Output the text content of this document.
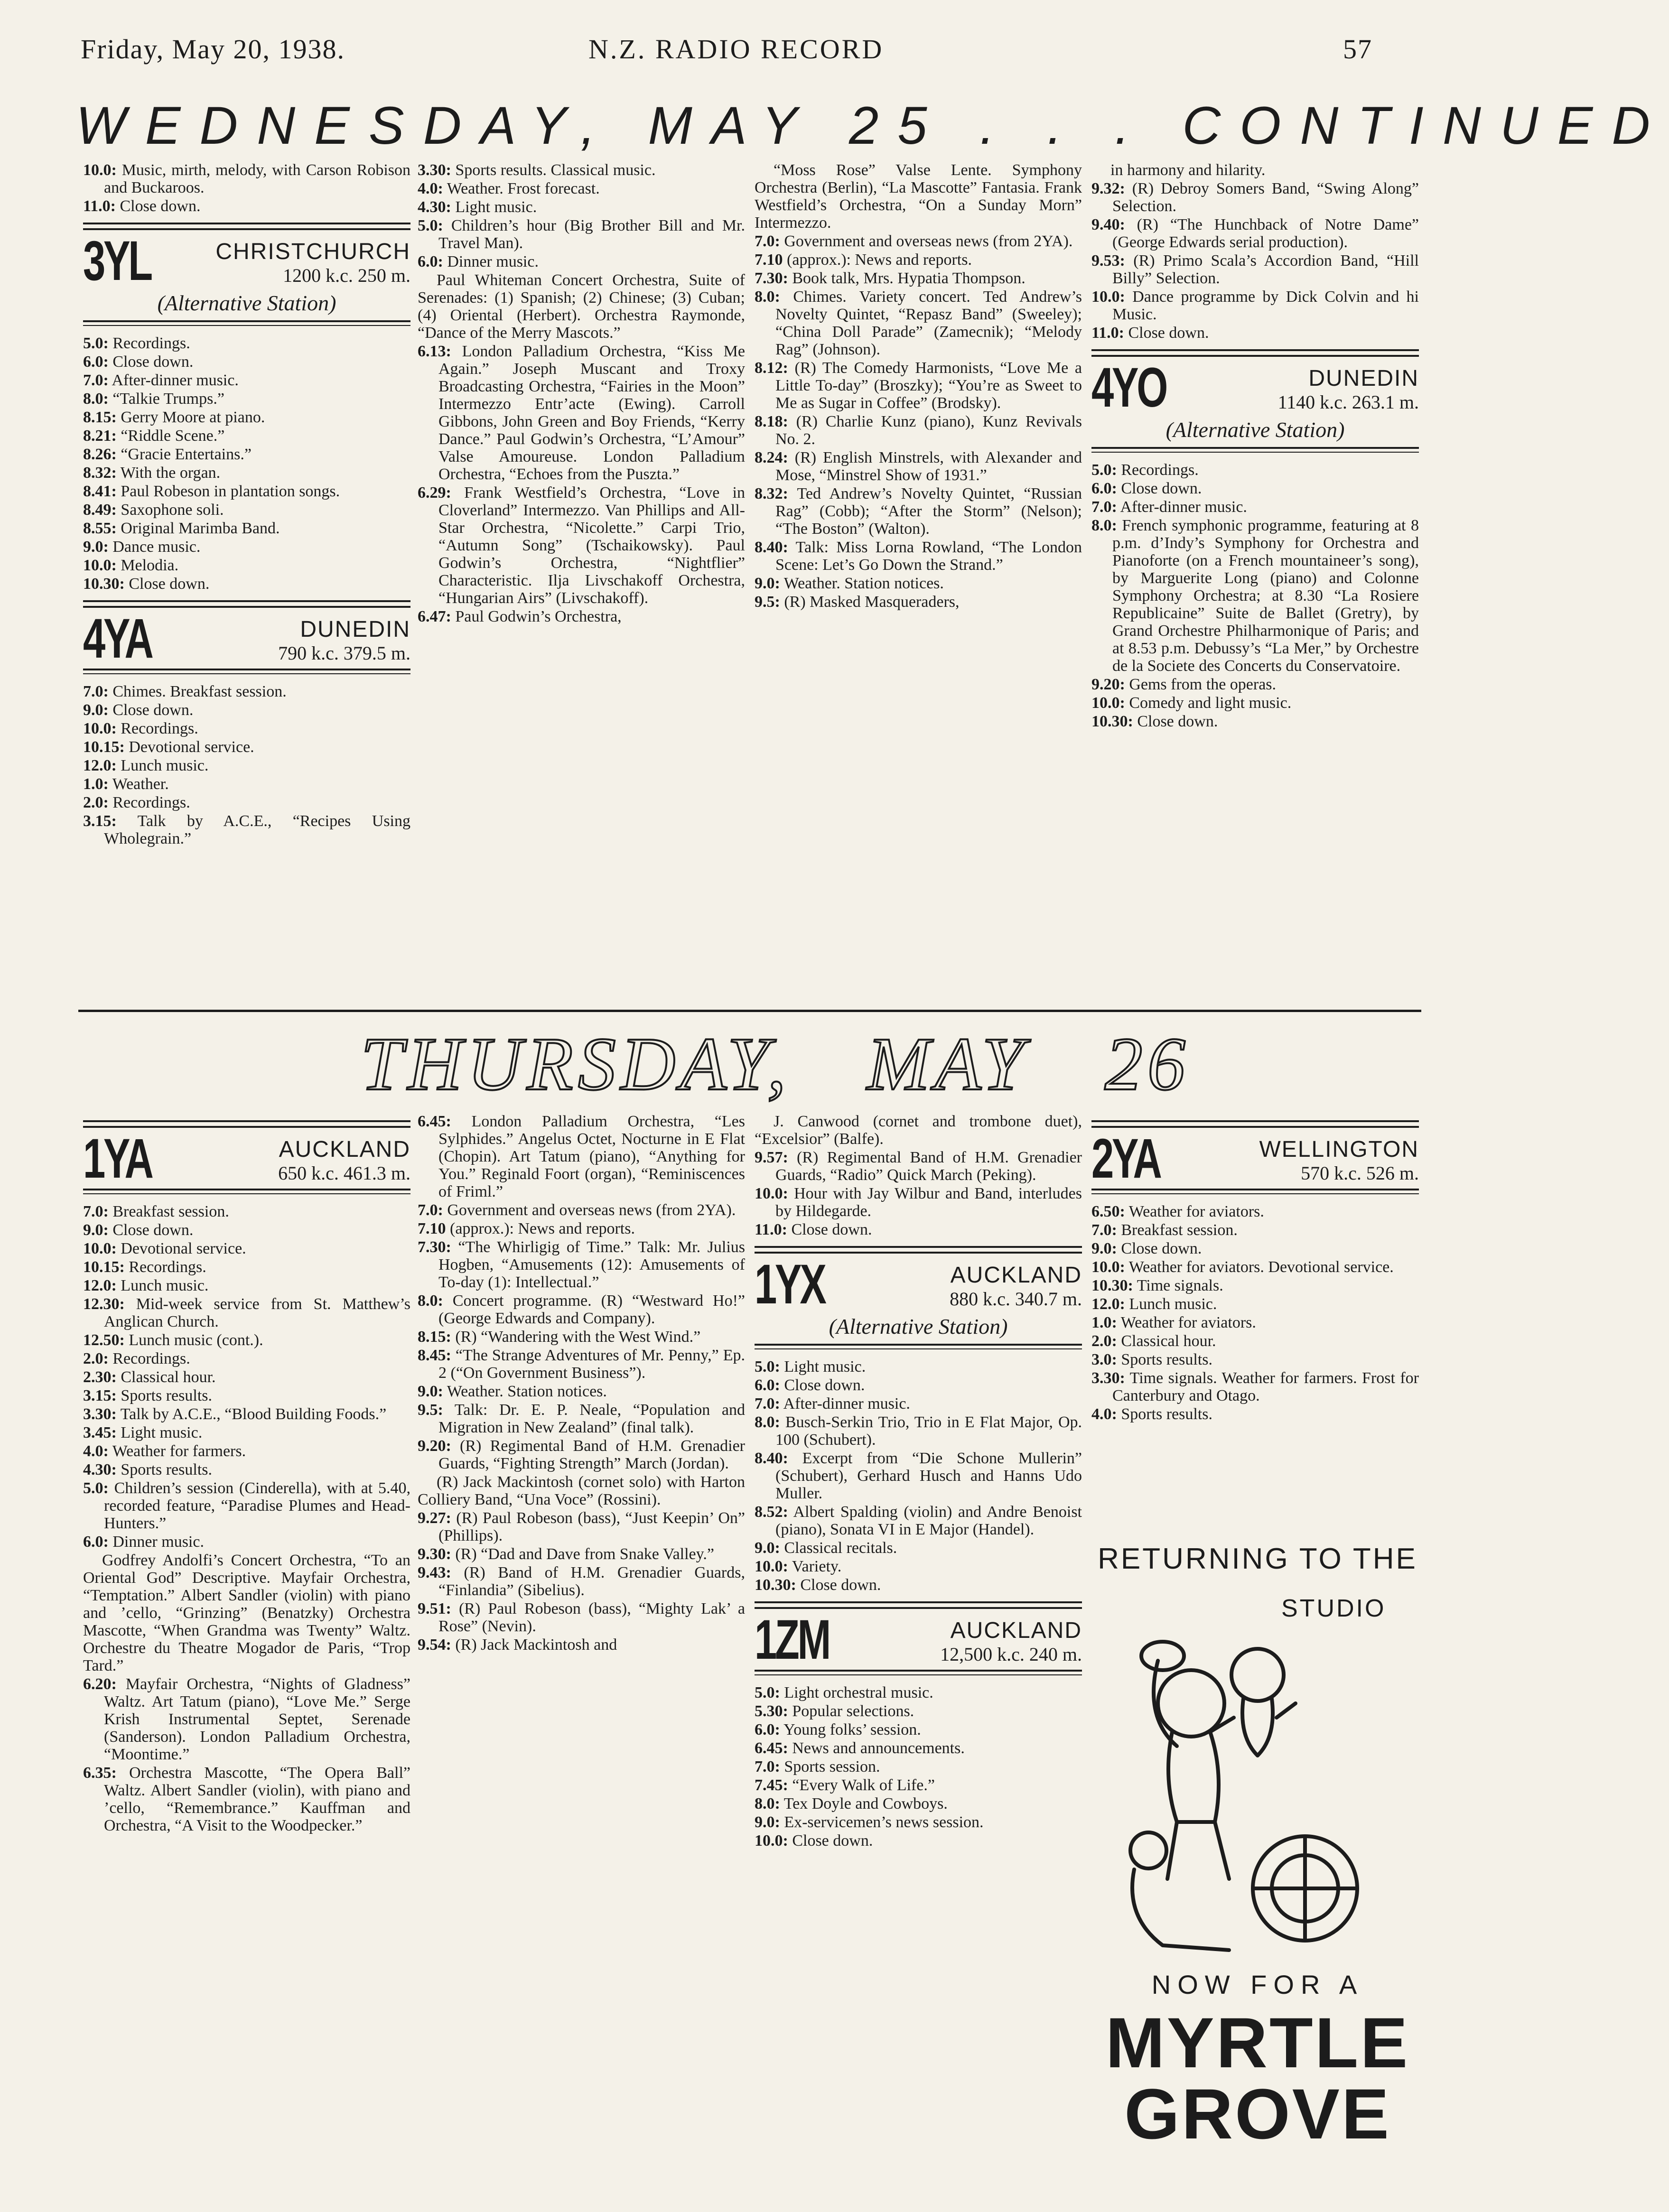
Friday, May 20, 1938.	N.Z. RADIO RECORD	57
WEDNESDAY, MAY 25 . . . CONTINUED

10.0: Music, mirth, melody, with Carson Robison and Buckaroos.

11.0: Close down.

3YL	CHRISTCHURCH
1200 k.c. 250 m.
(Alternative Station)

5.0: Recordings.

6.0: Close down.

7.0: After-dinner music.

8.0: “Talkie Trumps.”

8.15: Gerry Moore at piano.

8.21: “Riddle Scene.”

8.26: “Gracie Entertains.”

8.32: With the organ.

8.41: Paul Robeson in plantation songs.

8.49: Saxophone soli.

8.55: Original Marimba Band.

9.0: Dance music.

10.0: Melodia.

10.30: Close down.

4YA	DUNEDIN
790 k.c. 379.5 m.

7.0: Chimes. Breakfast session.

9.0: Close down.

10.0: Recordings.

10.15: Devotional service.

12.0: Lunch music.

1.0: Weather.

2.0: Recordings.

3.15: Talk by A.C.E., “Recipes Using Wholegrain.”

3.30: Sports results. Classical music.

4.0: Weather. Frost forecast.

4.30: Light music.

5.0: Children’s hour (Big Brother Bill and Mr. Travel Man).

6.0: Dinner music.

Paul Whiteman Concert Orchestra, Suite of Serenades: (1) Spanish; (2) Chinese; (3) Cuban; (4) Oriental (Herbert). Orchestra Raymonde, “Dance of the Merry Mascots.”

6.13: London Palladium Orchestra, “Kiss Me Again.” Joseph Muscant and Troxy Broadcasting Orchestra, “Fairies in the Moon” Intermezzo Entr’acte (Ewing). Carroll Gibbons, John Green and Boy Friends, “Kerry Dance.” Paul Godwin’s Orchestra, “L’Amour” Valse Amoureuse. London Palladium Orchestra, “Echoes from the Puszta.”

6.29: Frank Westfield’s Orchestra, “Love in Cloverland” Intermezzo. Van Phillips and All-Star Orchestra, “Nicolette.” Carpi Trio, “Autumn Song” (Tschaikowsky). Paul Godwin’s Orchestra, “Nightflier” Characteristic. Ilja Livschakoff Orchestra, “Hungarian Airs” (Livschakoff).

6.47: Paul Godwin’s Orchestra,

“Moss Rose” Valse Lente. Symphony Orchestra (Berlin), “La Mascotte” Fantasia. Frank Westfield’s Orchestra, “On a Sunday Morn” Intermezzo.

7.0: Government and overseas news (from 2YA).

7.10 (approx.): News and reports.

7.30: Book talk, Mrs. Hypatia Thompson.

8.0: Chimes. Variety concert. Ted Andrew’s Novelty Quintet, “Repasz Band” (Sweeley); “China Doll Parade” (Zamecnik); “Melody Rag” (Johnson).

8.12: (R) The Comedy Harmonists, “Love Me a Little To-day” (Broszky); “You’re as Sweet to Me as Sugar in Coffee” (Brodsky).

8.18: (R) Charlie Kunz (piano), Kunz Revivals No. 2.

8.24: (R) English Minstrels, with Alexander and Mose, “Minstrel Show of 1931.”

8.32: Ted Andrew’s Novelty Quintet, “Russian Rag” (Cobb); “After the Storm” (Nelson); “The Boston” (Walton).

8.40: Talk: Miss Lorna Rowland, “The London Scene: Let’s Go Down the Strand.”

9.0: Weather. Station notices.

9.5: (R) Masked Masqueraders,

in harmony and hilarity.

9.32: (R) Debroy Somers Band, “Swing Along” Selection.

9.40: (R) “The Hunchback of Notre Dame” (George Edwards serial production).

9.53: (R) Primo Scala’s Accordion Band, “Hill Billy” Selection.

10.0: Dance programme by Dick Colvin and hi Music.

11.0: Close down.

4YO	DUNEDIN
1140 k.c. 263.1 m.
(Alternative Station)

5.0: Recordings.

6.0: Close down.

7.0: After-dinner music.

8.0: French symphonic programme, featuring at 8 p.m. d’Indy’s Symphony for Orchestra and Pianoforte (on a French mountaineer’s song), by Marguerite Long (piano) and Colonne Symphony Orchestra; at 8.30 “La Rosiere Republicaine” Suite de Ballet (Gretry), by Grand Orchestre Philharmonique of Paris; and at 8.53 p.m. Debussy’s “La Mer,” by Orchestre de la Societe des Concerts du Conservatoire.

9.20: Gems from the operas.

10.0: Comedy and light music.

10.30: Close down.

THURSDAY, MAY 26
1YA	AUCKLAND
650 k.c. 461.3 m.

7.0: Breakfast session.

9.0: Close down.

10.0: Devotional service.

10.15: Recordings.

12.0: Lunch music.

12.30: Mid-week service from St. Matthew’s Anglican Church.

12.50: Lunch music (cont.).

2.0: Recordings.

2.30: Classical hour.

3.15: Sports results.

3.30: Talk by A.C.E., “Blood Building Foods.”

3.45: Light music.

4.0: Weather for farmers.

4.30: Sports results.

5.0: Children’s session (Cinderella), with at 5.40, recorded feature, “Paradise Plumes and Head-Hunters.”

6.0: Dinner music.

Godfrey Andolfi’s Concert Orchestra, “To an Oriental God” Descriptive. Mayfair Orchestra, “Temptation.” Albert Sandler (violin) with piano and ’cello, “Grinzing” (Benatzky) Orchestra Mascotte, “When Grandma was Twenty” Waltz. Orchestre du Theatre Mogador de Paris, “Trop Tard.”

6.20: Mayfair Orchestra, “Nights of Gladness” Waltz. Art Tatum (piano), “Love Me.” Serge Krish Instrumental Septet, Serenade (Sanderson). London Palladium Orchestra, “Moontime.”

6.35: Orchestra Mascotte, “The Opera Ball” Waltz. Albert Sandler (violin), with piano and ’cello, “Remembrance.” Kauffman and Orchestra, “A Visit to the Woodpecker.”

6.45: London Palladium Orchestra, “Les Sylphides.” Angelus Octet, Nocturne in E Flat (Chopin). Art Tatum (piano), “Anything for You.” Reginald Foort (organ), “Reminiscences of Friml.”

7.0: Government and overseas news (from 2YA).

7.10 (approx.): News and reports.

7.30: “The Whirligig of Time.” Talk: Mr. Julius Hogben, “Amusements (12): Amusements of To-day (1): Intellectual.”

8.0: Concert programme. (R) “Westward Ho!” (George Edwards and Company).

8.15: (R) “Wandering with the West Wind.”

8.45: “The Strange Adventures of Mr. Penny,” Ep. 2 (“On Government Business”).

9.0: Weather. Station notices.

9.5: Talk: Dr. E. P. Neale, “Population and Migration in New Zealand” (final talk).

9.20: (R) Regimental Band of H.M. Grenadier Guards, “Fighting Strength” March (Jordan).

(R) Jack Mackintosh (cornet solo) with Harton Colliery Band, “Una Voce” (Rossini).

9.27: (R) Paul Robeson (bass), “Just Keepin’ On” (Phillips).

9.30: (R) “Dad and Dave from Snake Valley.”

9.43: (R) Band of H.M. Grenadier Guards, “Finlandia” (Sibelius).

9.51: (R) Paul Robeson (bass), “Mighty Lak’ a Rose” (Nevin).

9.54: (R) Jack Mackintosh and

J. Canwood (cornet and trombone duet), “Excelsior” (Balfe).

9.57: (R) Regimental Band of H.M. Grenadier Guards, “Radio” Quick March (Peking).

10.0: Hour with Jay Wilbur and Band, interludes by Hildegarde.

11.0: Close down.

1YX	AUCKLAND
880 k.c. 340.7 m.
(Alternative Station)

5.0: Light music.

6.0: Close down.

7.0: After-dinner music.

8.0: Busch-Serkin Trio, Trio in E Flat Major, Op. 100 (Schubert).

8.40: Excerpt from “Die Schone Mullerin” (Schubert), Gerhard Husch and Hanns Udo Muller.

8.52: Albert Spalding (violin) and Andre Benoist (piano), Sonata VI in E Major (Handel).

9.0: Classical recitals.

10.0: Variety.

10.30: Close down.

1ZM	AUCKLAND
12,500 k.c. 240 m.

5.0: Light orchestral music.

5.30: Popular selections.

6.0: Young folks’ session.

6.45: News and announcements.

7.0: Sports session.

7.45: “Every Walk of Life.”

8.0: Tex Doyle and Cowboys.

9.0: Ex-servicemen’s news session.

10.0: Close down.

2YA	WELLINGTON
570 k.c. 526 m.

6.50: Weather for aviators.

7.0: Breakfast session.

9.0: Close down.

10.0: Weather for aviators. Devotional service.

10.30: Time signals.

12.0: Lunch music.

1.0: Weather for aviators.

2.0: Classical hour.

3.0: Sports results.

3.30: Time signals. Weather for farmers. Frost for Canterbury and Otago.

4.0: Sports results.

RETURNING TO THE
STUDIO
NOW FOR A
MYRTLE
GROVE
